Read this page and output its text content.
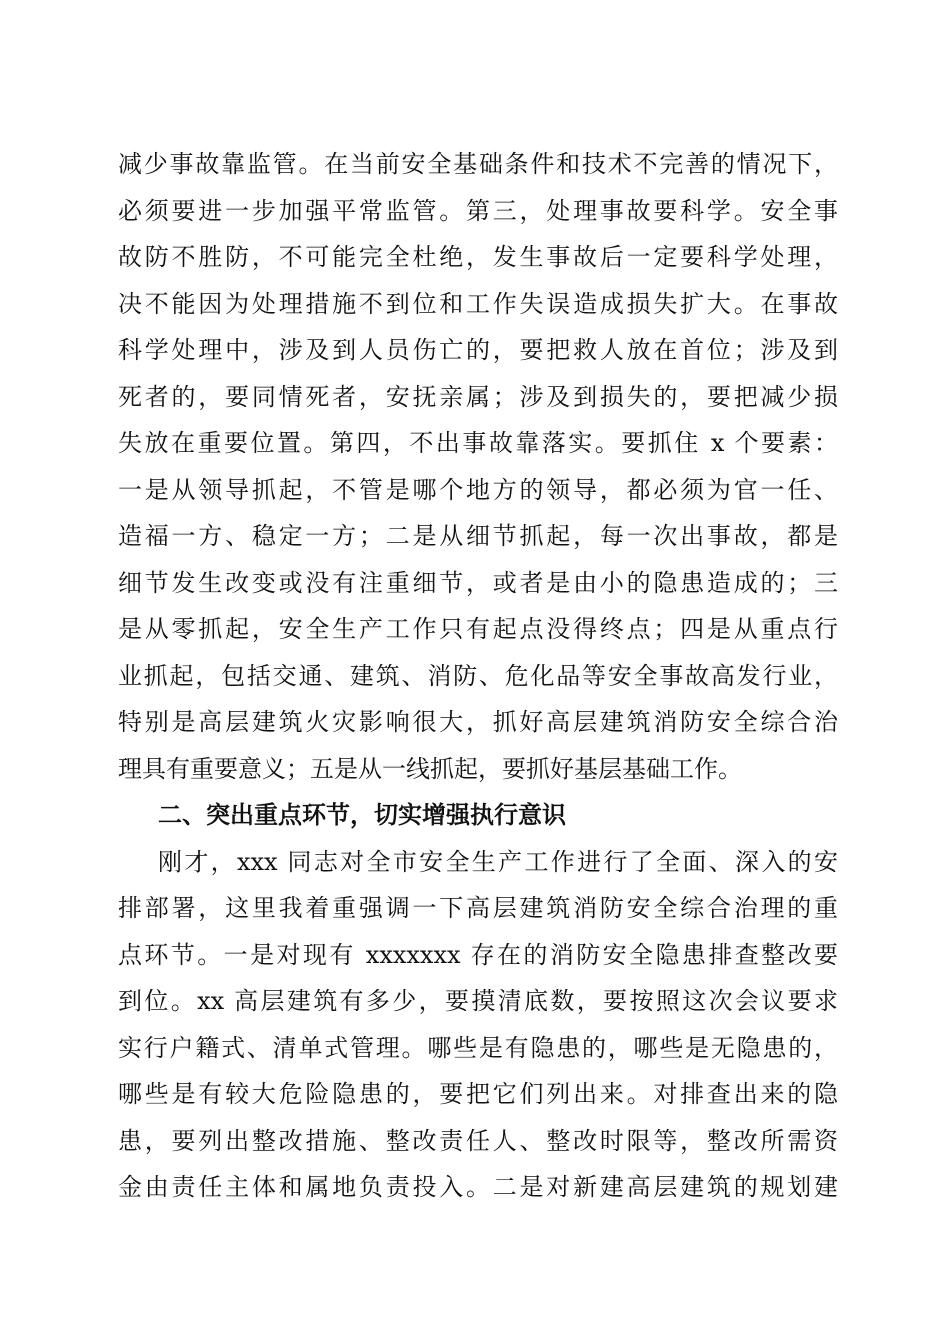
减少事故靠监管。在当前安全基础条件和技术不完善的情况下，
必须要进一步加强平常监管。第三，处理事故要科学。安全事
故防不胜防，不可能完全杜绝，发生事故后一定要科学处理，
决不能因为处理措施不到位和工作失误造成损失扩大。在事故
科学处理中，涉及到人员伤亡的，要把救人放在首位；涉及到
死者的，要同情死者，安抚亲属；涉及到损失的，要把减少损
失放在重要位置。第四，不出事故靠落实。要抓住 x 个要素：
一是从领导抓起，不管是哪个地方的领导，都必须为官一任、
造福一方、稳定一方；二是从细节抓起，每一次出事故，都是
细节发生改变或没有注重细节，或者是由小的隐患造成的；三
是从零抓起，安全生产工作只有起点没得终点；四是从重点行
业抓起，包括交通、建筑、消防、危化品等安全事故高发行业，
特别是高层建筑火灾影响很大，抓好高层建筑消防安全综合治
理具有重要意义；五是从一线抓起，要抓好基层基础工作。
二、突出重点环节，切实增强执行意识
刚才，xxx 同志对全市安全生产工作进行了全面、深入的安
排部署，这里我着重强调一下高层建筑消防安全综合治理的重
点环节。一是对现有 xxxxxxx 存在的消防安全隐患排查整改要
到位。xx 高层建筑有多少，要摸清底数，要按照这次会议要求
实行户籍式、清单式管理。哪些是有隐患的，哪些是无隐患的，
哪些是有较大危险隐患的，要把它们列出来。对排查出来的隐
患，要列出整改措施、整改责任人、整改时限等，整改所需资
金由责任主体和属地负责投入。二是对新建高层建筑的规划建
